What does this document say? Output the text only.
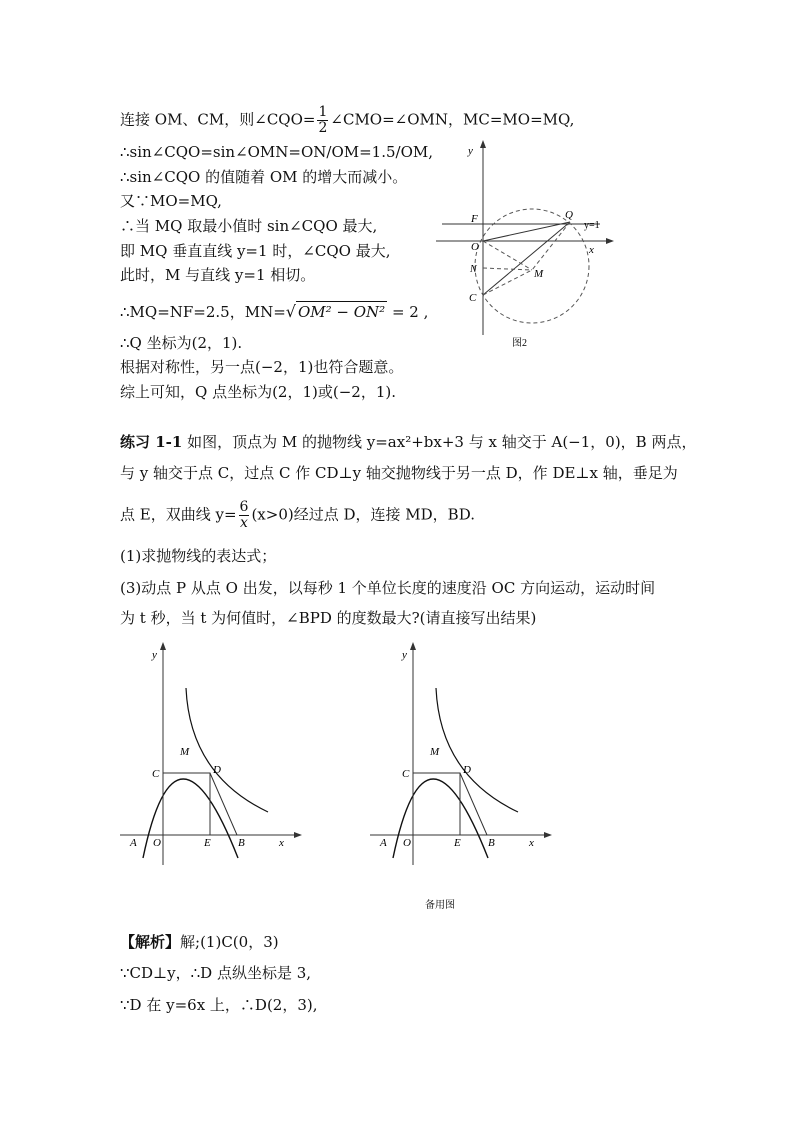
连接 OM、CM，则∠CQO= $\frac{1}{2}$ ∠CMO=∠OMN，MC=MO=MQ,
∴sin∠CQO=sin∠OMN=ON/OM=1.5/OM,
∴sin∠CQO 的值随着 OM 的增大而减小。
又∵MO=MQ,
∴当 MQ 取最小值时 sin∠CQO 最大,
即 MQ 垂直直线 y=1 时，∠CQO 最大,
此时，M 与直线 y=1 相切。
∴MQ=NF=2.5，MN=√ OM² − ON² = 2 ,
∴Q 坐标为(2，1).
根据对称性，另一点(−2，1)也符合题意。
综上可知，Q 点坐标为(2，1)或(−2，1).
y
x
F	Q
y=1
O
N	M
C
图2
练习 1-1 如图，顶点为 M 的抛物线 y=ax²+bx+3 与 x 轴交于 A(−1，0)，B 两点，
与 y 轴交于点 C，过点 C 作 CD⊥y 轴交抛物线于另一点 D，作 DE⊥x 轴，垂足为
点 E，双曲线 $y= \frac{6}{x} (x>0)$经过点 D，连接 MD，BD.
(1)求抛物线的表达式；
(3)动点 P 从点 O 出发，以每秒 1 个单位长度的速度沿 OC 方向运动，运动时间
为 t 秒，当 t 为何值时，∠BPD 的度数最大?(请直接写出结果)
y
x
M
C	D
A O	E B
y
x
M
C	D
A O	E B
备用图
【解析】解;(1)C(0，3)
∵CD⊥y，∴D 点纵坐标是 3,
∵D 在 y=6x 上，∴D(2，3),
